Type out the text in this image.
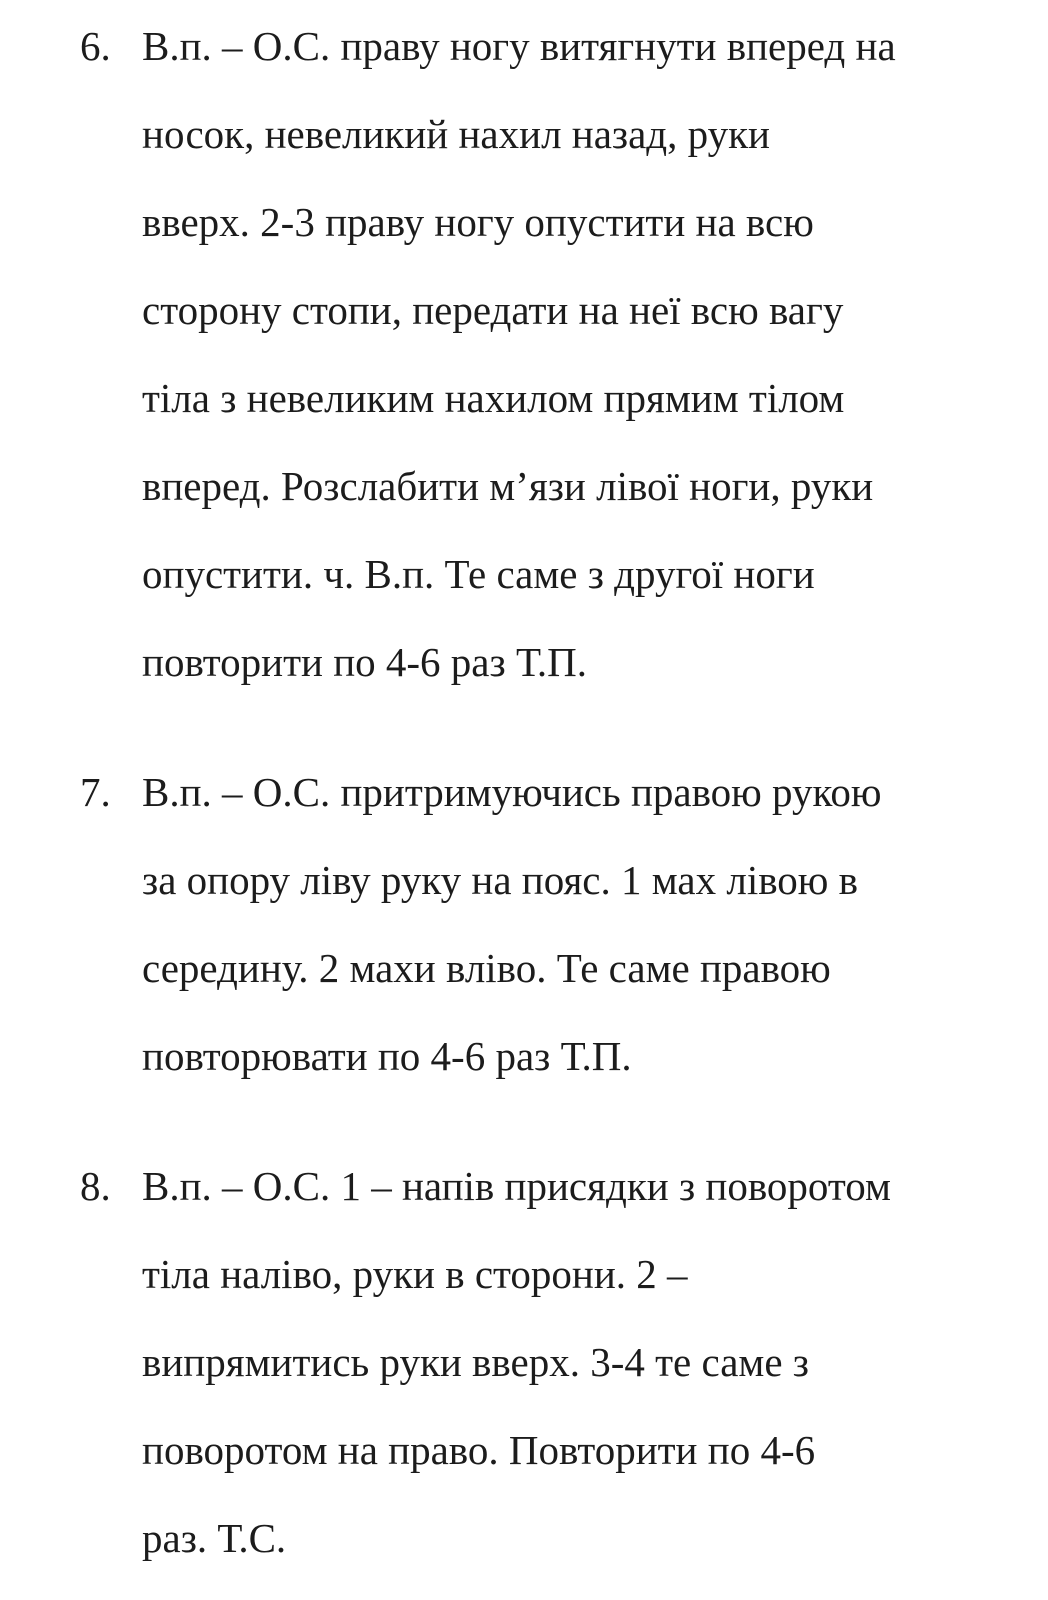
6. В.п. – О.С. праву ногу витягнути вперед на
носок, невеликий нахил назад, руки
вверх. 2-3 праву ногу опустити на всю
сторону стопи, передати на неї всю вагу
тіла з невеликим нахилом прямим тілом
вперед. Розслабити м’язи лівої ноги, руки
опустити. ч. В.п. Те саме з другої ноги
повторити по 4-6 раз Т.П.
7. В.п. – О.С. притримуючись правою рукою
за опору ліву руку на пояс. 1 мах лівою в
середину. 2 махи вліво. Те саме правою
повторювати по 4-6 раз Т.П.
8. В.п. – О.С. 1 – напів присядки з поворотом
тіла наліво, руки в сторони. 2 –
випрямитись руки вверх. 3-4 те саме з
поворотом на право. Повторити по 4-6
раз. Т.С.
